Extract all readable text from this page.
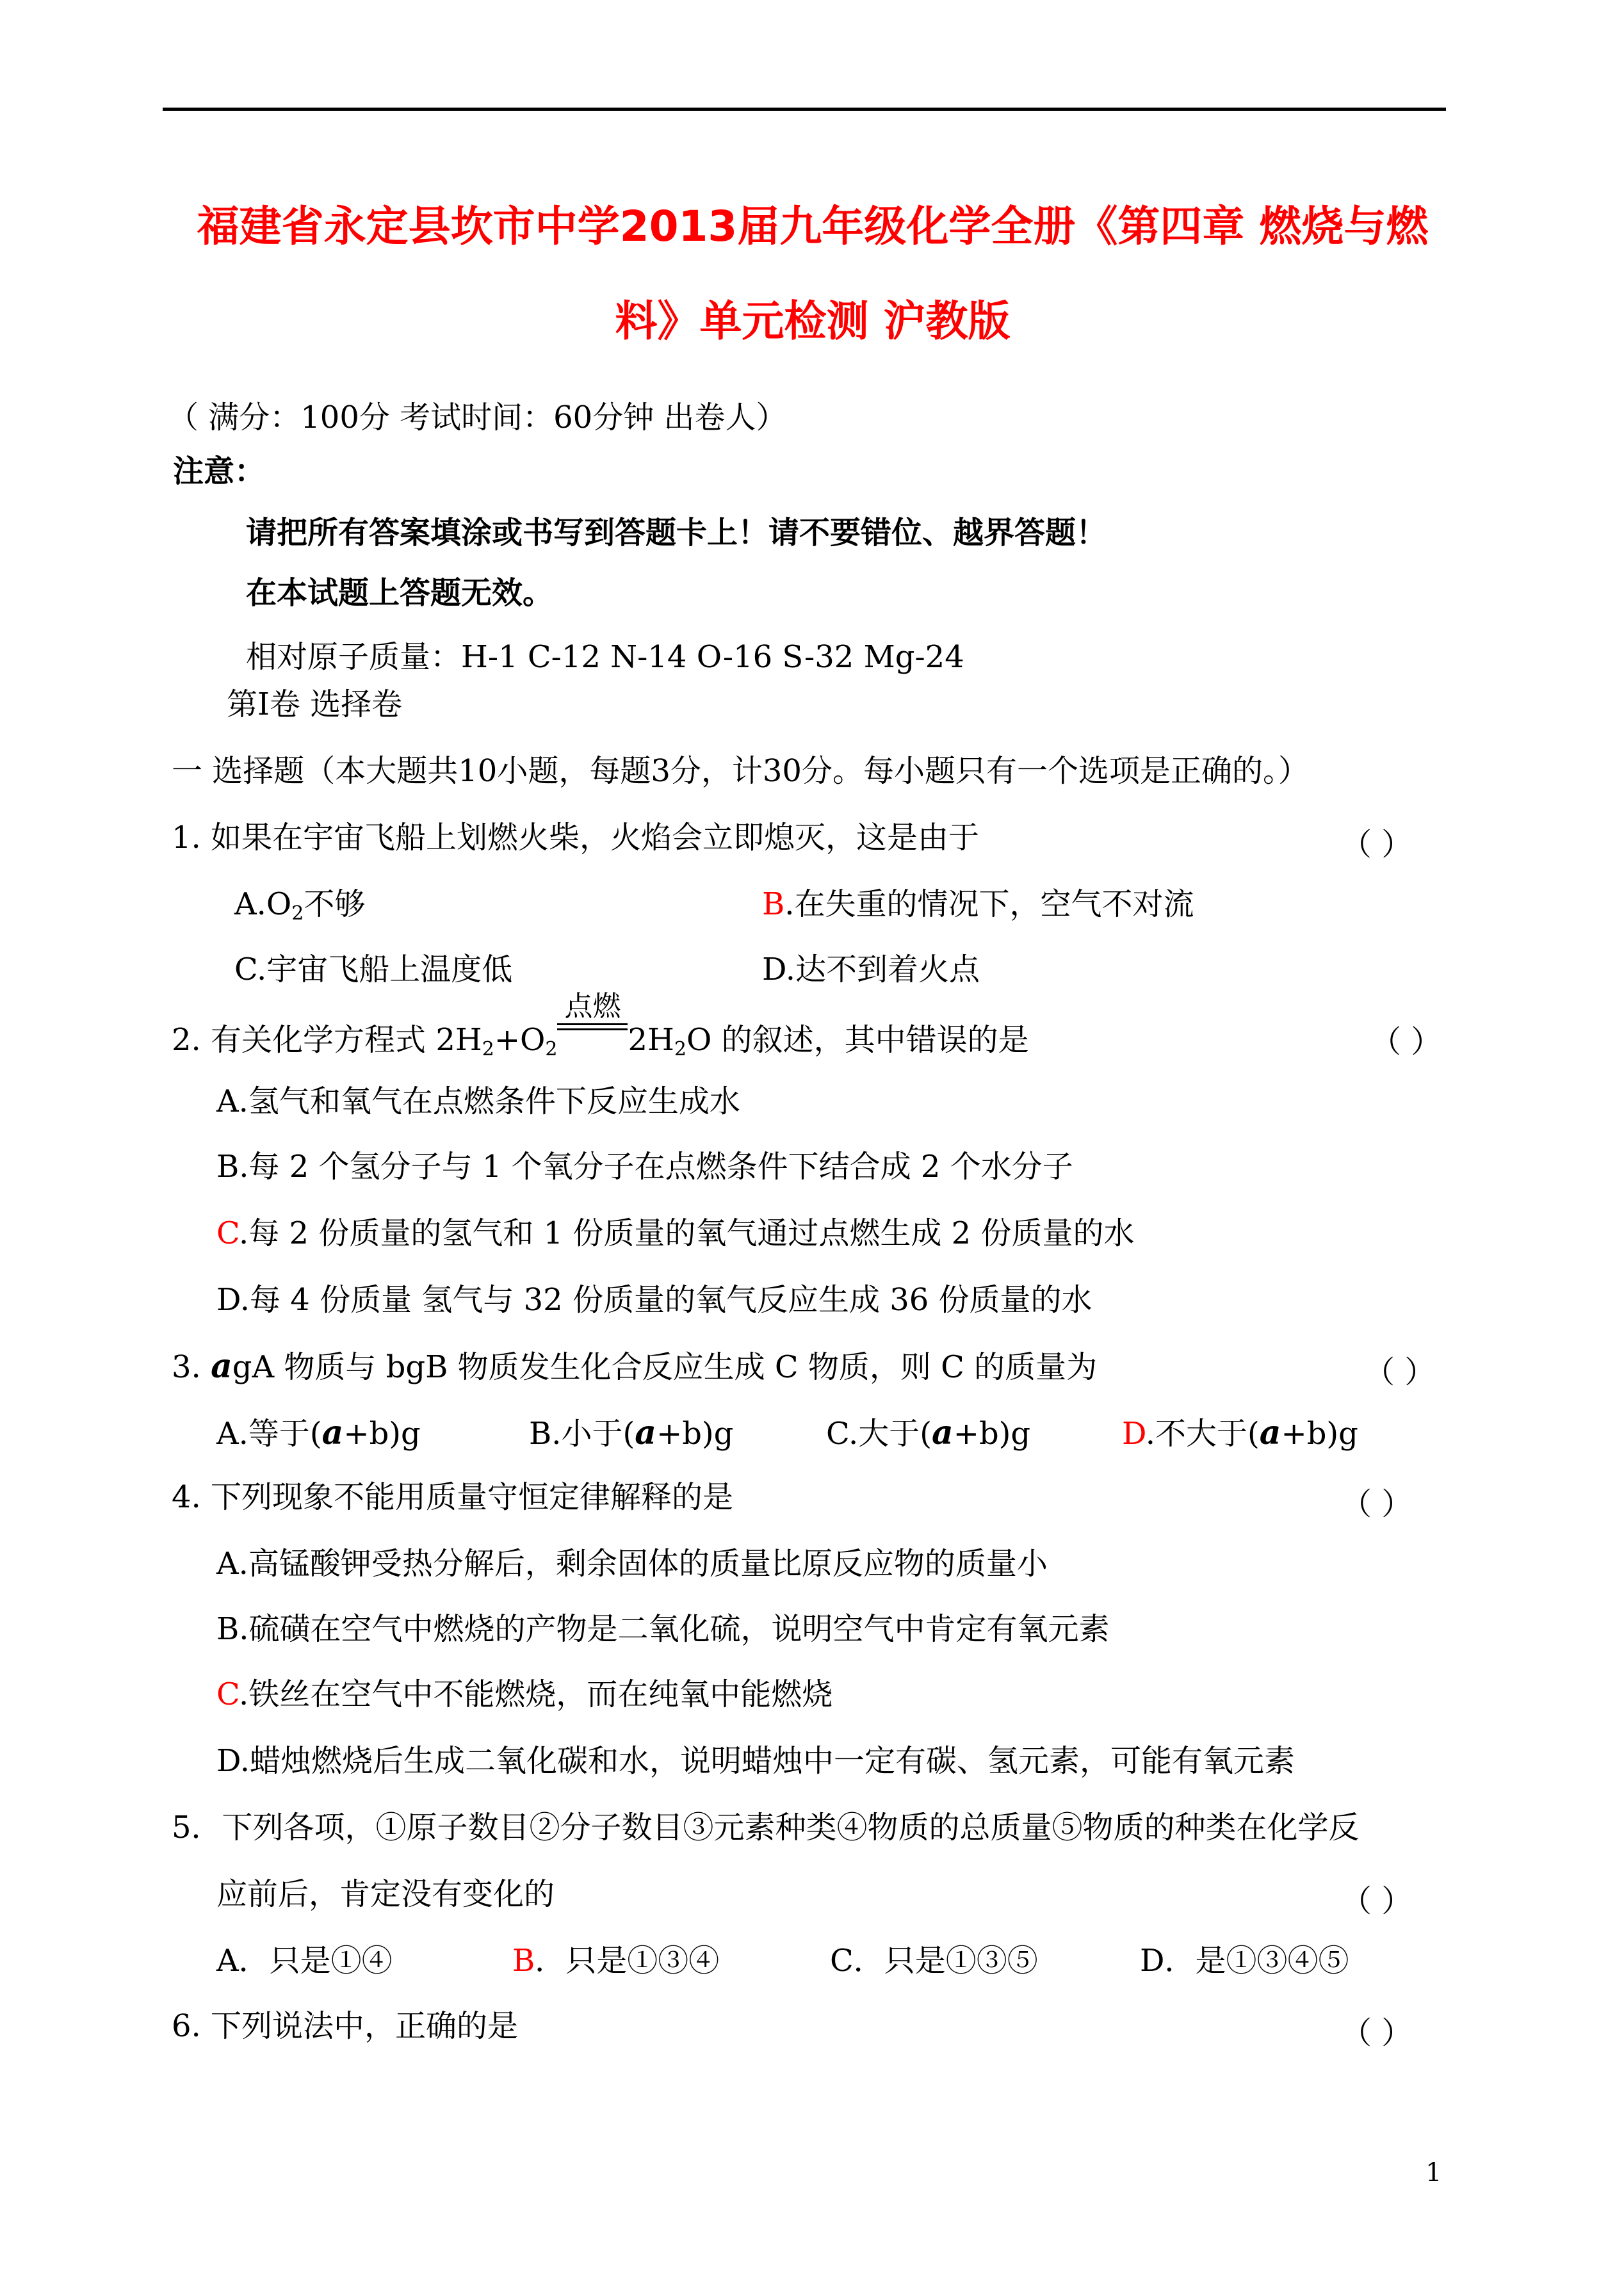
福建省永定县坎市中学2013届九年级化学全册《第四章 燃烧与燃
料》单元检测 沪教版
（ 满分：100分 考试时间：60分钟 出卷人）
注意：
请把所有答案填涂或书写到答题卡上！请不要错位、越界答题！
在本试题上答题无效。
相对原子质量：H-1 C-12 N-14 O-16 S-32 Mg-24
第Ⅰ卷 选择卷
一 选择题（本大题共10小题，每题3分，计30分。每小题只有一个选项是正确的。）
1. 如果在宇宙飞船上划燃火柴，火焰会立即熄灭，这是由于	（ ）
$A.O_2$不够	B.在失重的情况下，空气不对流
C.宇宙飞船上温度低	D.达不到着火点
2. 有关化学方程式 $2H_2+O_2$
点燃
$2H_2O$ 的叙述，其中错误的是	（ ）
A.氢气和氧气在点燃条件下反应生成水
B.每 2 个氢分子与 1 个氧分子在点燃条件下结合成 2 个水分子
C.每 2 份质量的氢气和 1 份质量的氧气通过点燃生成 2 份质量的水
D.每 4 份质量 氢气与 32 份质量的氧气反应生成 36 份质量的水
3. agA 物质与 bgB 物质发生化合反应生成 C 物质，则 C 的质量为	（ ）
A.等于(a+b)g	B.小于(a+b)g	C.大于(a+b)g	D.不大于(a+b)g
4. 下列现象不能用质量守恒定律解释的是	（ ）
A.高锰酸钾受热分解后，剩余固体的质量比原反应物的质量小
B.硫磺在空气中燃烧的产物是二氧化硫，说明空气中肯定有氧元素
C.铁丝在空气中不能燃烧，而在纯氧中能燃烧
D.蜡烛燃烧后生成二氧化碳和水，说明蜡烛中一定有碳、氢元素，可能有氧元素
5．下列各项，①原子数目②分子数目③元素种类④物质的总质量⑤物质的种类在化学反
应前后，肯定没有变化的	（ ）
A．只是①④	B．只是①③④	C．只是①③⑤	D．是①③④⑤
6. 下列说法中，正确的是	（ ）
1
